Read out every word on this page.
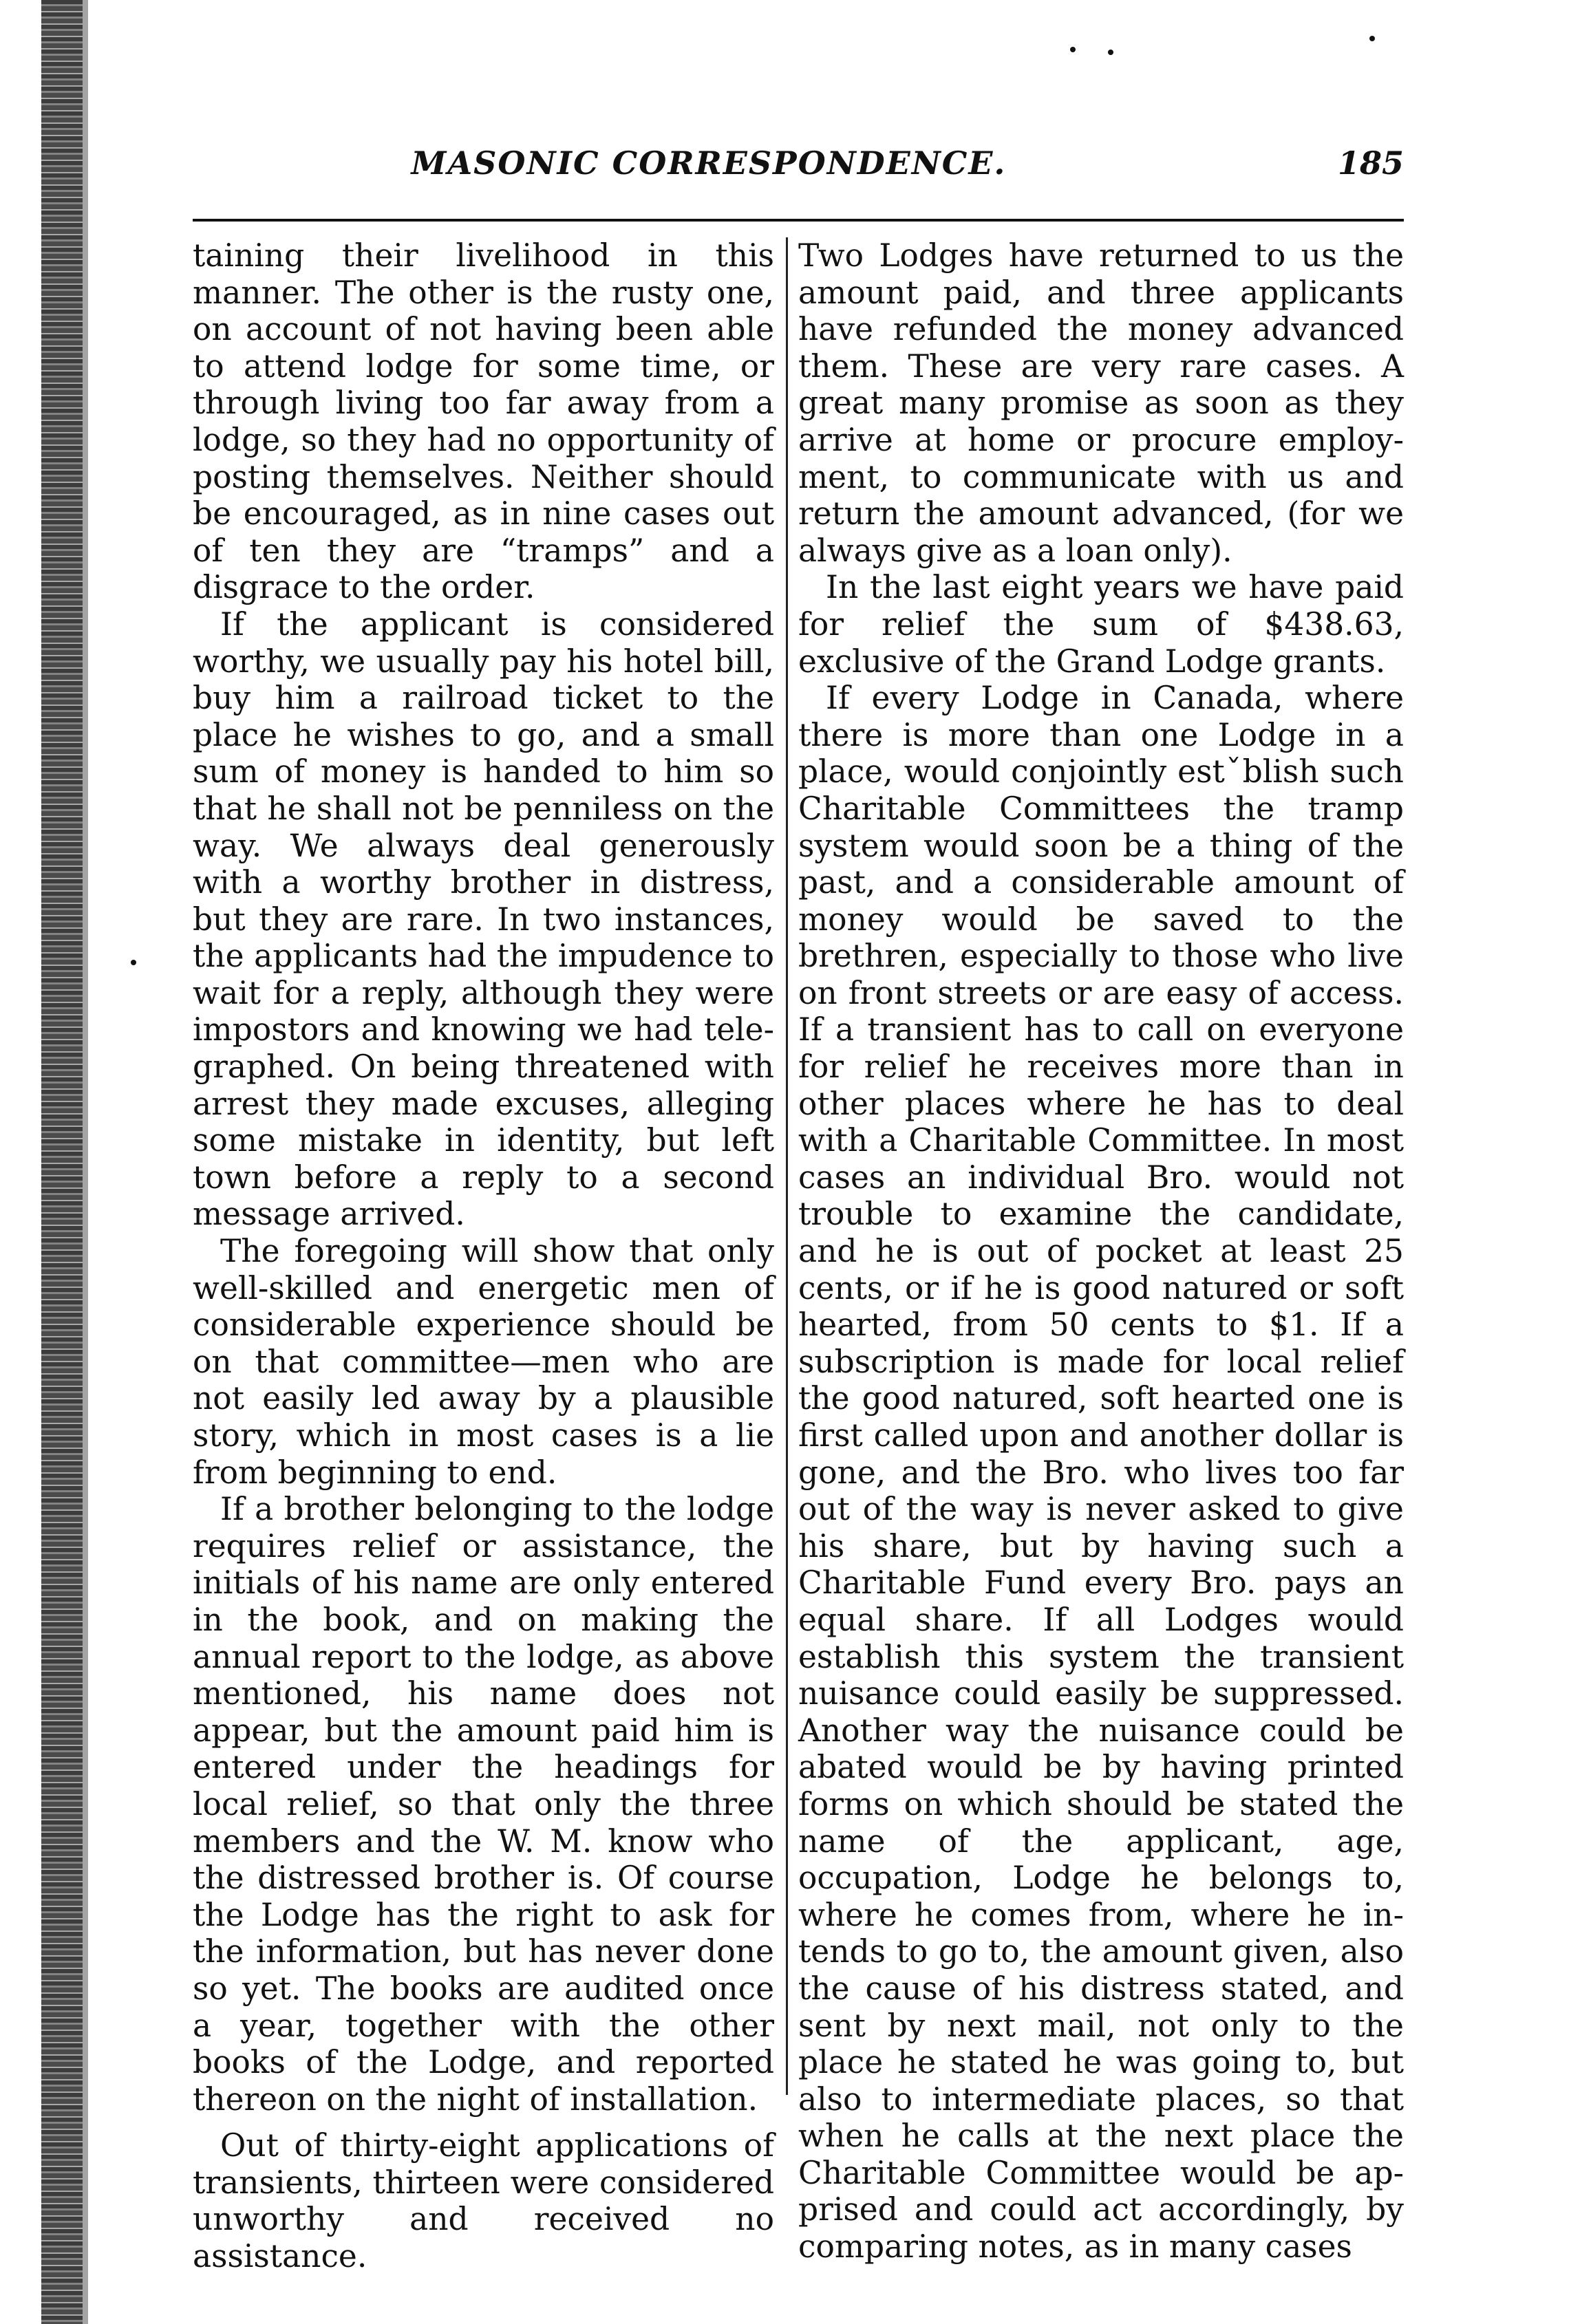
MASONIC CORRESPONDENCE.	185

taining their livelihood in this manner. The other is the rusty one, on account of not having been able to attend lodge for some time, or through living too far away from a lodge, so they had no opportunity of posting themselves. Neither should be encouraged, as in nine cases out of ten they are “tramps” and a disgrace to the order.

If the applicant is considered worthy, we usually pay his hotel bill, buy him a railroad ticket to the place he wishes to go, and a small sum of money is handed to him so that he shall not be penniless on the way. We always deal generously with a worthy brother in distress, but they are rare. In two instances, the applicants had the impudence to wait for a reply, although they were impostors and knowing we had telegraphed. On being threatened with arrest they made excuses, alleging some mistake in identity, but left town before a reply to a second message arrived.

The foregoing will show that only well-skilled and energetic men of considerable experience should be on that committee—men who are not easily led away by a plausible story, which in most cases is a lie from beginning to end.

If a brother belonging to the lodge requires relief or assistance, the initials of his name are only entered in the book, and on making the annual report to the lodge, as above mentioned, his name does not appear, but the amount paid him is entered under the headings for local relief, so that only the three members and the W. M. know who the distressed brother is. Of course the Lodge has the right to ask for the information, but has never done so yet. The books are audited once a year, together with the other books of the Lodge, and reported thereon on the night of installation.

Out of thirty-eight applications of transients, thirteen were considered unworthy and received no assistance.

Two Lodges have returned to us the amount paid, and three applicants have refunded the money advanced them. These are very rare cases. A great many promise as soon as they arrive at home or procure employment, to communicate with us and return the amount advanced, (for we always give as a loan only).

In the last eight years we have paid for relief the sum of $438.63, exclusive of the Grand Lodge grants.

If every Lodge in Canada, where there is more than one Lodge in a place, would conjointly estˇblish such Charitable Committees the tramp system would soon be a thing of the past, and a considerable amount of money would be saved to the brethren, especially to those who live on front streets or are easy of access. If a transient has to call on everyone for relief he receives more than in other places where he has to deal with a Charitable Committee. In most cases an individual Bro. would not trouble to examine the candidate, and he is out of pocket at least 25 cents, or if he is good natured or soft hearted, from 50 cents to $1. If a subscription is made for local relief the good natured, soft hearted one is first called upon and another dollar is gone, and the Bro. who lives too far out of the way is never asked to give his share, but by having such a Charitable Fund every Bro. pays an equal share. If all Lodges would establish this system the transient nuisance could easily be suppressed. Another way the nuisance could be abated would be by having printed forms on which should be stated the name of the applicant, age, occupation, Lodge he belongs to, where he comes from, where he intends to go to, the amount given, also the cause of his distress stated, and sent by next mail, not only to the place he stated he was going to, but also to intermediate places, so that when he calls at the next place the Charitable Committee would be apprised and could act accordingly, by comparing notes, as in many cases
